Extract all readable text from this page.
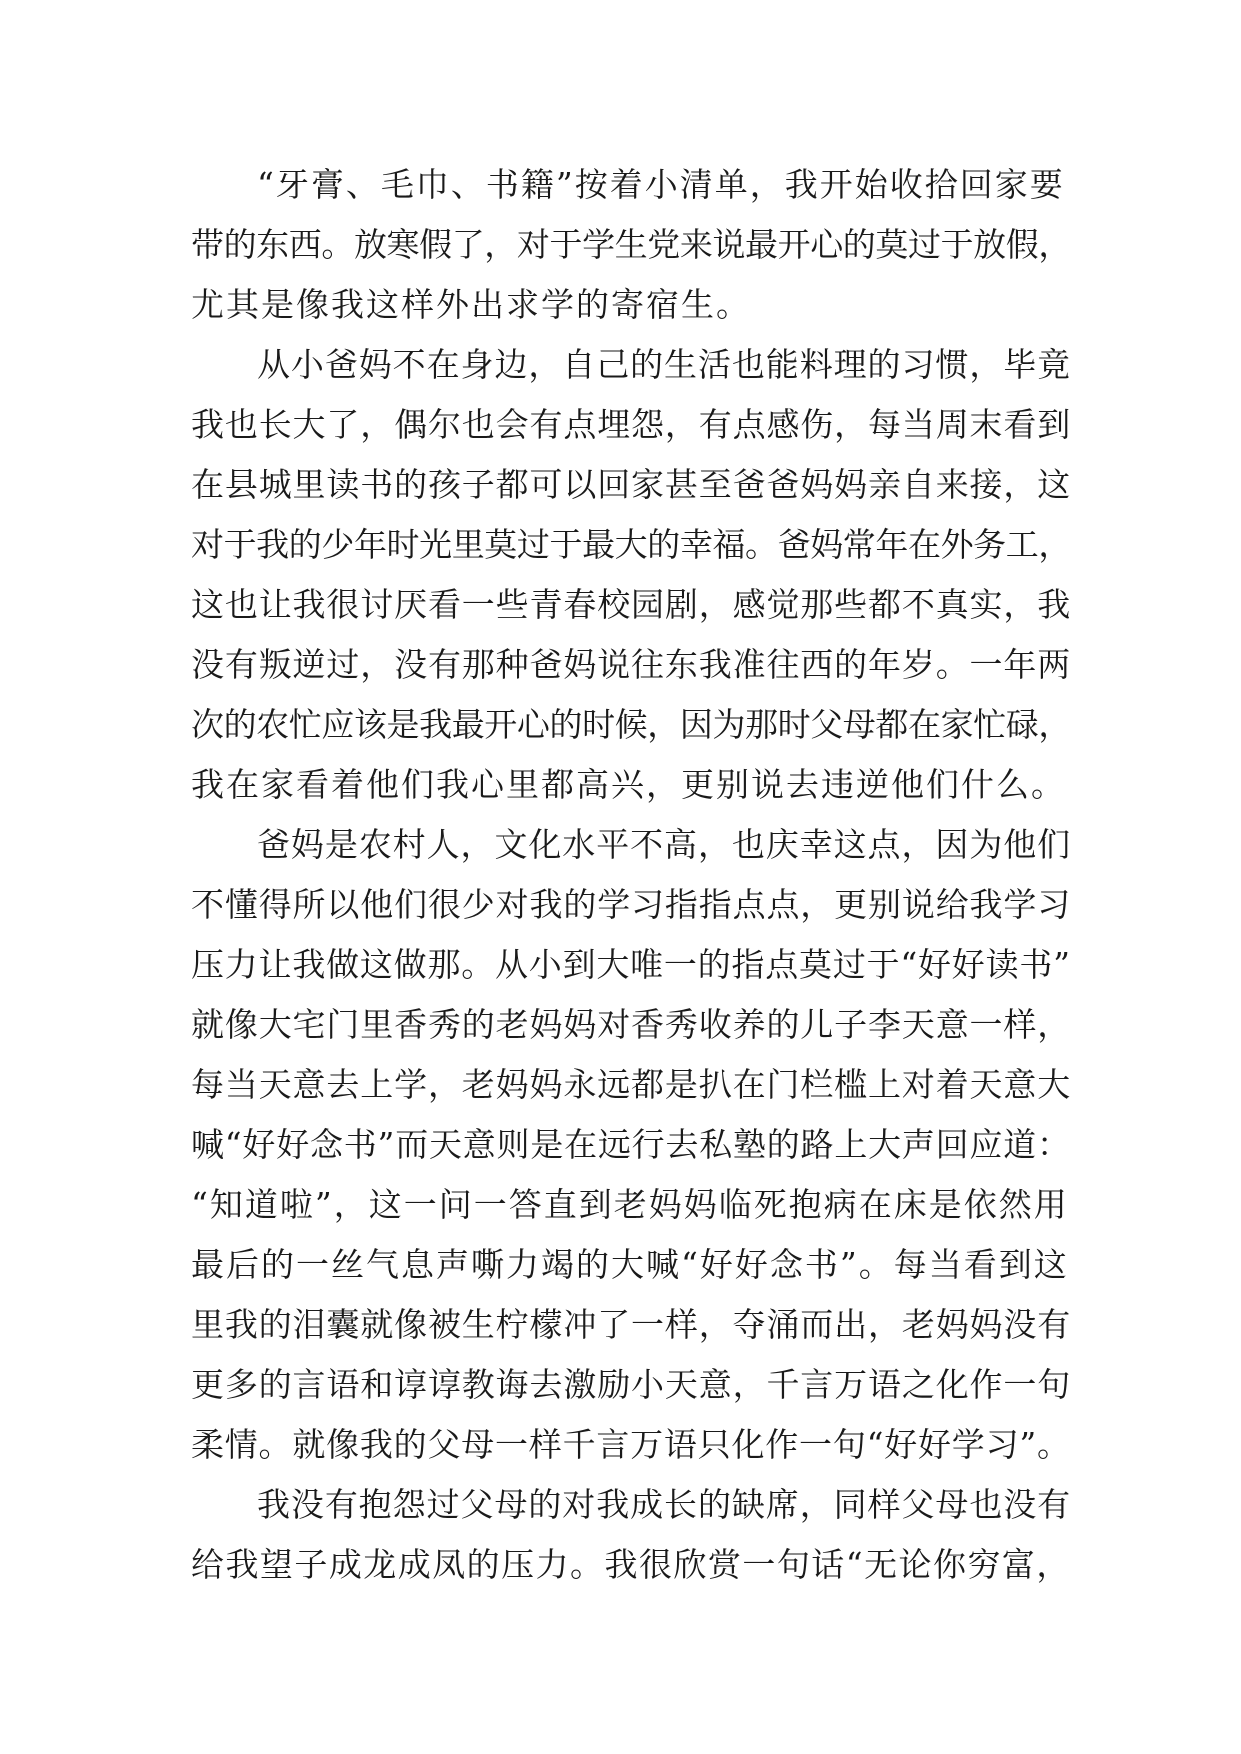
“牙膏、毛巾、书籍”按着小清单，我开始收拾回家要
带的东西。放寒假了，对于学生党来说最开心的莫过于放假，
尤其是像我这样外出求学的寄宿生。
从小爸妈不在身边，自己的生活也能料理的习惯，毕竟
我也长大了，偶尔也会有点埋怨，有点感伤，每当周末看到
在县城里读书的孩子都可以回家甚至爸爸妈妈亲自来接，这
对于我的少年时光里莫过于最大的幸福。爸妈常年在外务工，
这也让我很讨厌看一些青春校园剧，感觉那些都不真实，我
没有叛逆过，没有那种爸妈说往东我准往西的年岁。一年两
次的农忙应该是我最开心的时候，因为那时父母都在家忙碌，
我在家看着他们我心里都高兴，更别说去违逆他们什么。
爸妈是农村人，文化水平不高，也庆幸这点，因为他们
不懂得所以他们很少对我的学习指指点点，更别说给我学习
压力让我做这做那。从小到大唯一的指点莫过于“好好读书”
就像大宅门里香秀的老妈妈对香秀收养的儿子李天意一样，
每当天意去上学，老妈妈永远都是扒在门栏槛上对着天意大
喊“好好念书”而天意则是在远行去私塾的路上大声回应道：
“知道啦”，这一问一答直到老妈妈临死抱病在床是依然用
最后的一丝气息声嘶力竭的大喊“好好念书”。每当看到这
里我的泪囊就像被生柠檬冲了一样，夺涌而出，老妈妈没有
更多的言语和谆谆教诲去激励小天意，千言万语之化作一句
柔情。就像我的父母一样千言万语只化作一句“好好学习”。
我没有抱怨过父母的对我成长的缺席，同样父母也没有
给我望子成龙成凤的压力。我很欣赏一句话“无论你穷富，
